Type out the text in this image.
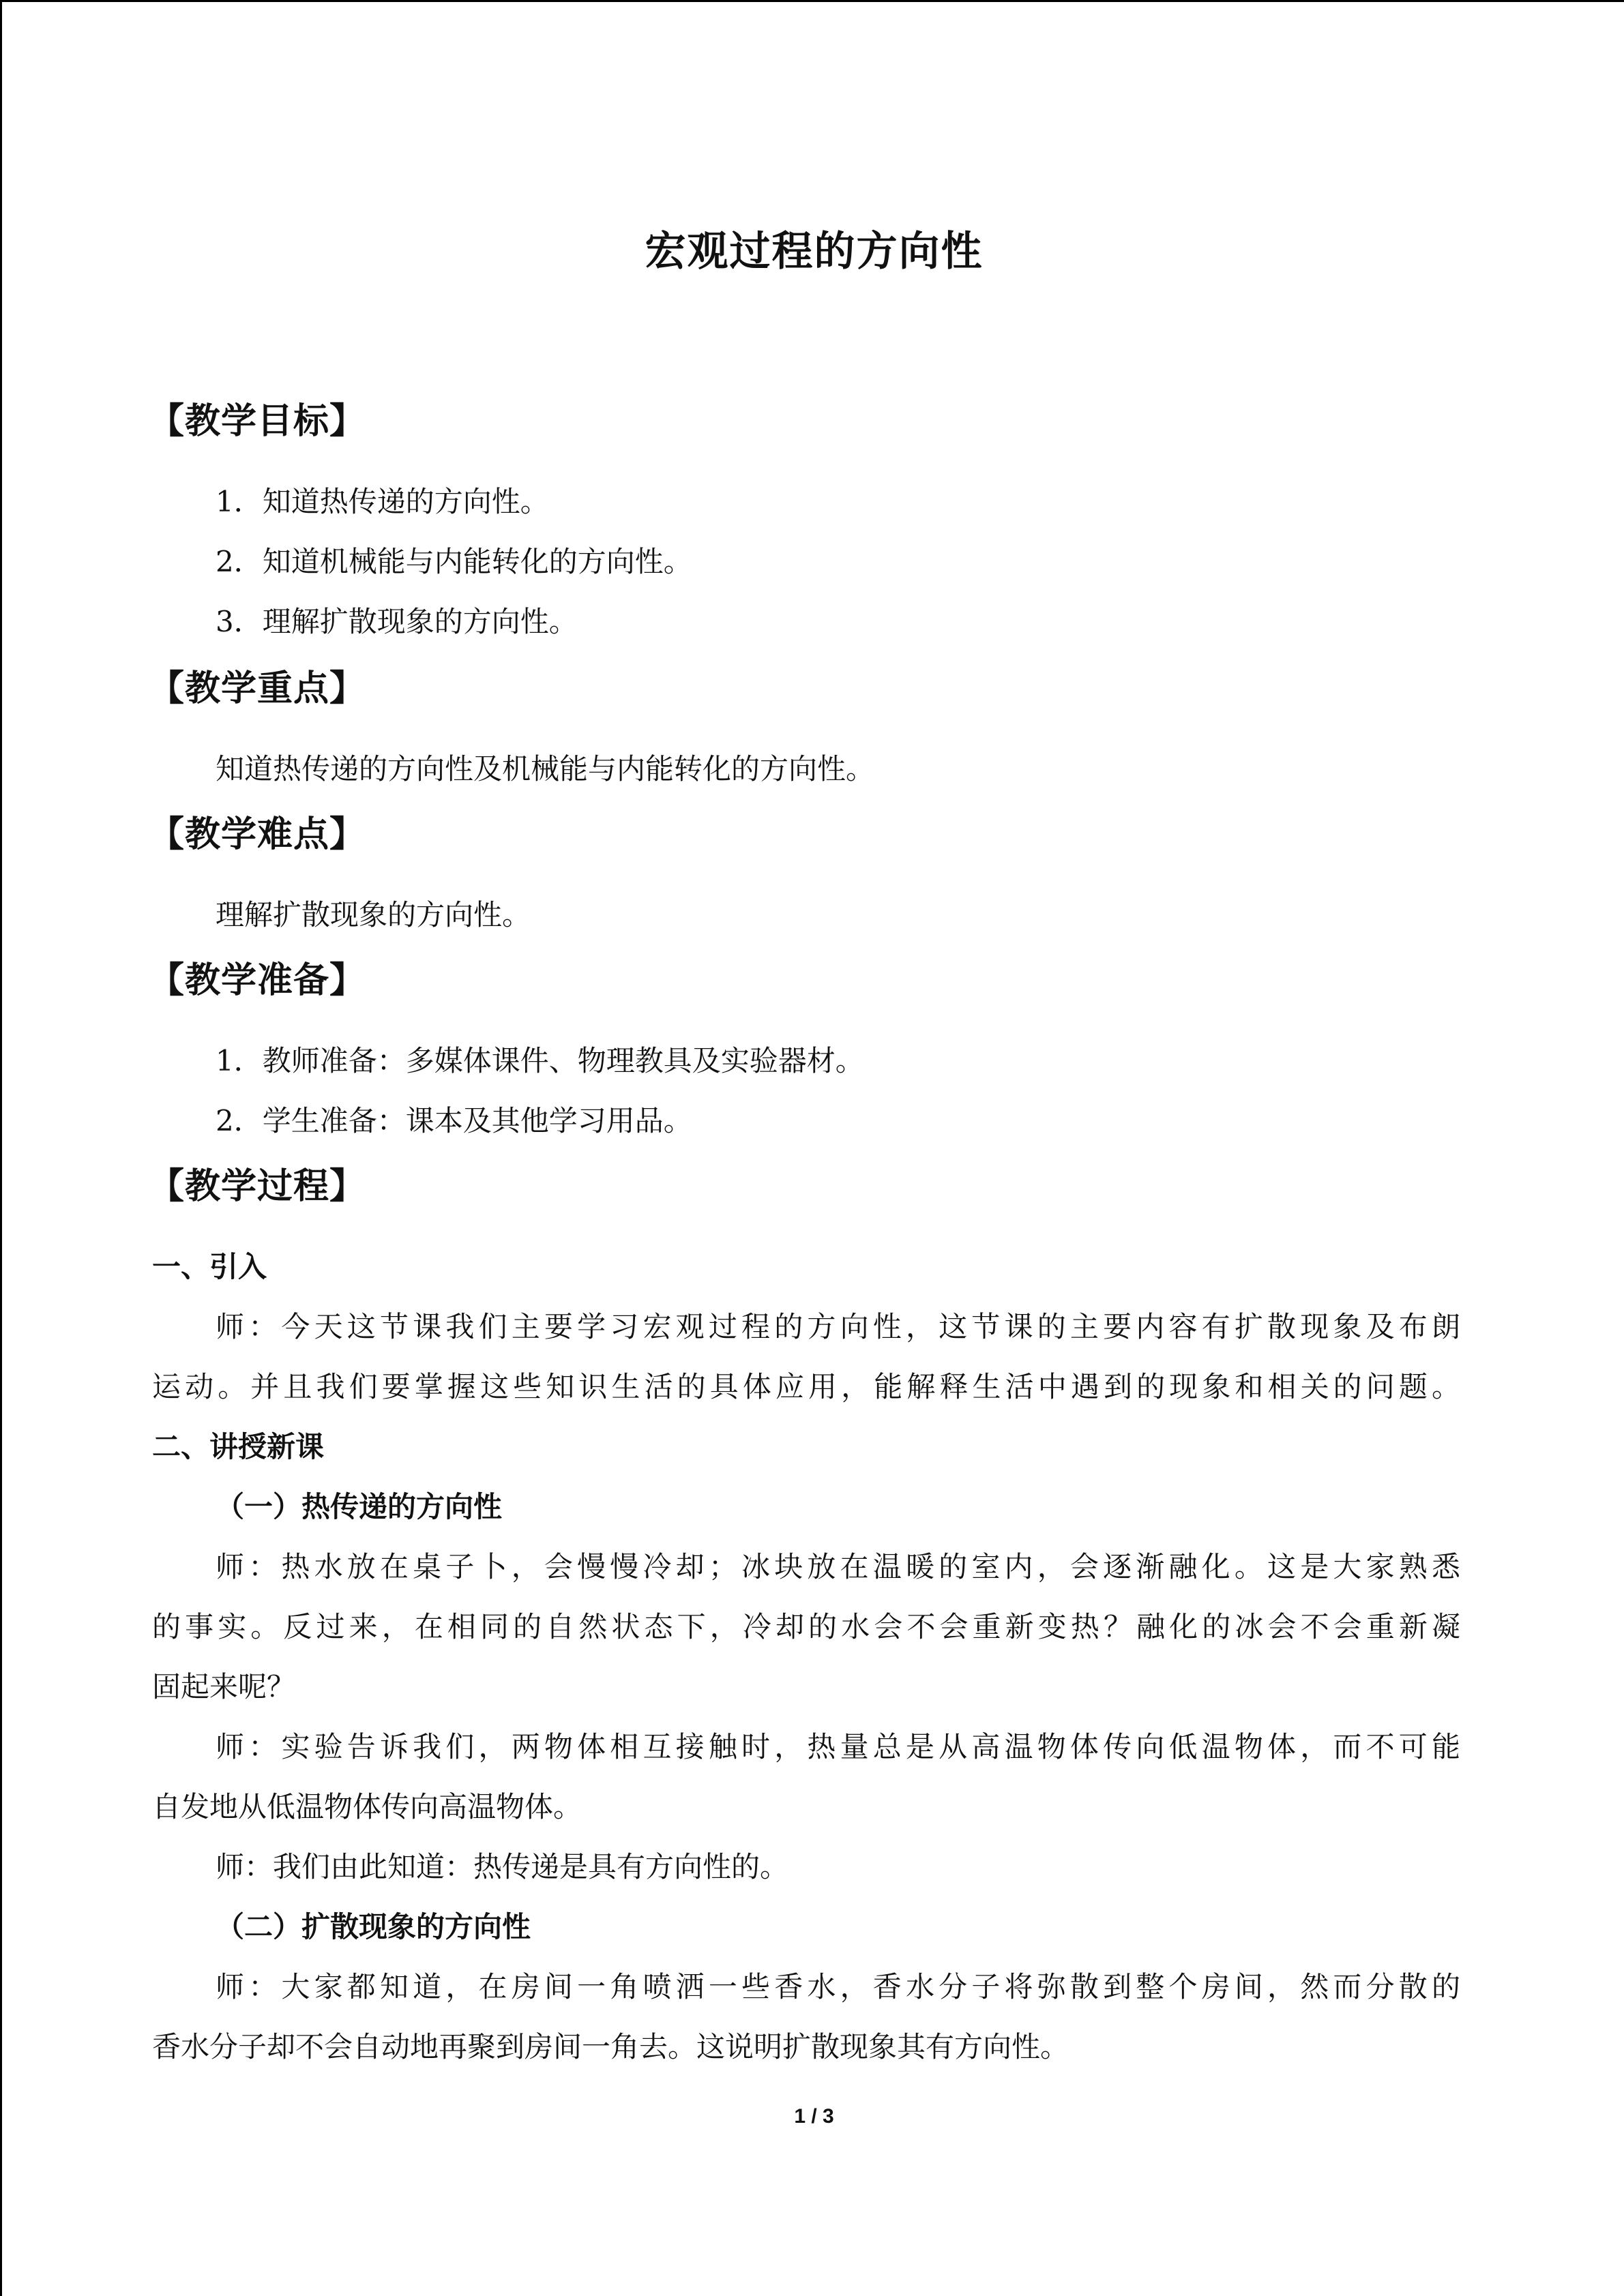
宏观过程的方向性
【教学目标】
1．知道热传递的方向性。
2．知道机械能与内能转化的方向性。
3．理解扩散现象的方向性。
【教学重点】
知道热传递的方向性及机械能与内能转化的方向性。
【教学难点】
理解扩散现象的方向性。
【教学准备】
1．教师准备：多媒体课件、物理教具及实验器材。
2．学生准备：课本及其他学习用品。
【教学过程】
一、引入
师：今天这节课我们主要学习宏观过程的方向性，这节课的主要内容有扩散现象及布朗
运动。并且我们要掌握这些知识生活的具体应用，能解释生活中遇到的现象和相关的问题。
二、讲授新课
（一）热传递的方向性
师：热水放在桌子卜，会慢慢冷却；冰块放在温暖的室内，会逐渐融化。这是大家熟悉
的事实。反过来，在相同的自然状态下，冷却的水会不会重新变热？融化的冰会不会重新凝
固起来呢？
师：实验告诉我们，两物体相互接触时，热量总是从高温物体传向低温物体，而不可能
自发地从低温物体传向高温物体。
师：我们由此知道：热传递是具有方向性的。
（二）扩散现象的方向性
师：大家都知道，在房间一角喷洒一些香水，香水分子将弥散到整个房间，然而分散的
香水分子却不会自动地再聚到房间一角去。这说明扩散现象其有方向性。
1 / 3
